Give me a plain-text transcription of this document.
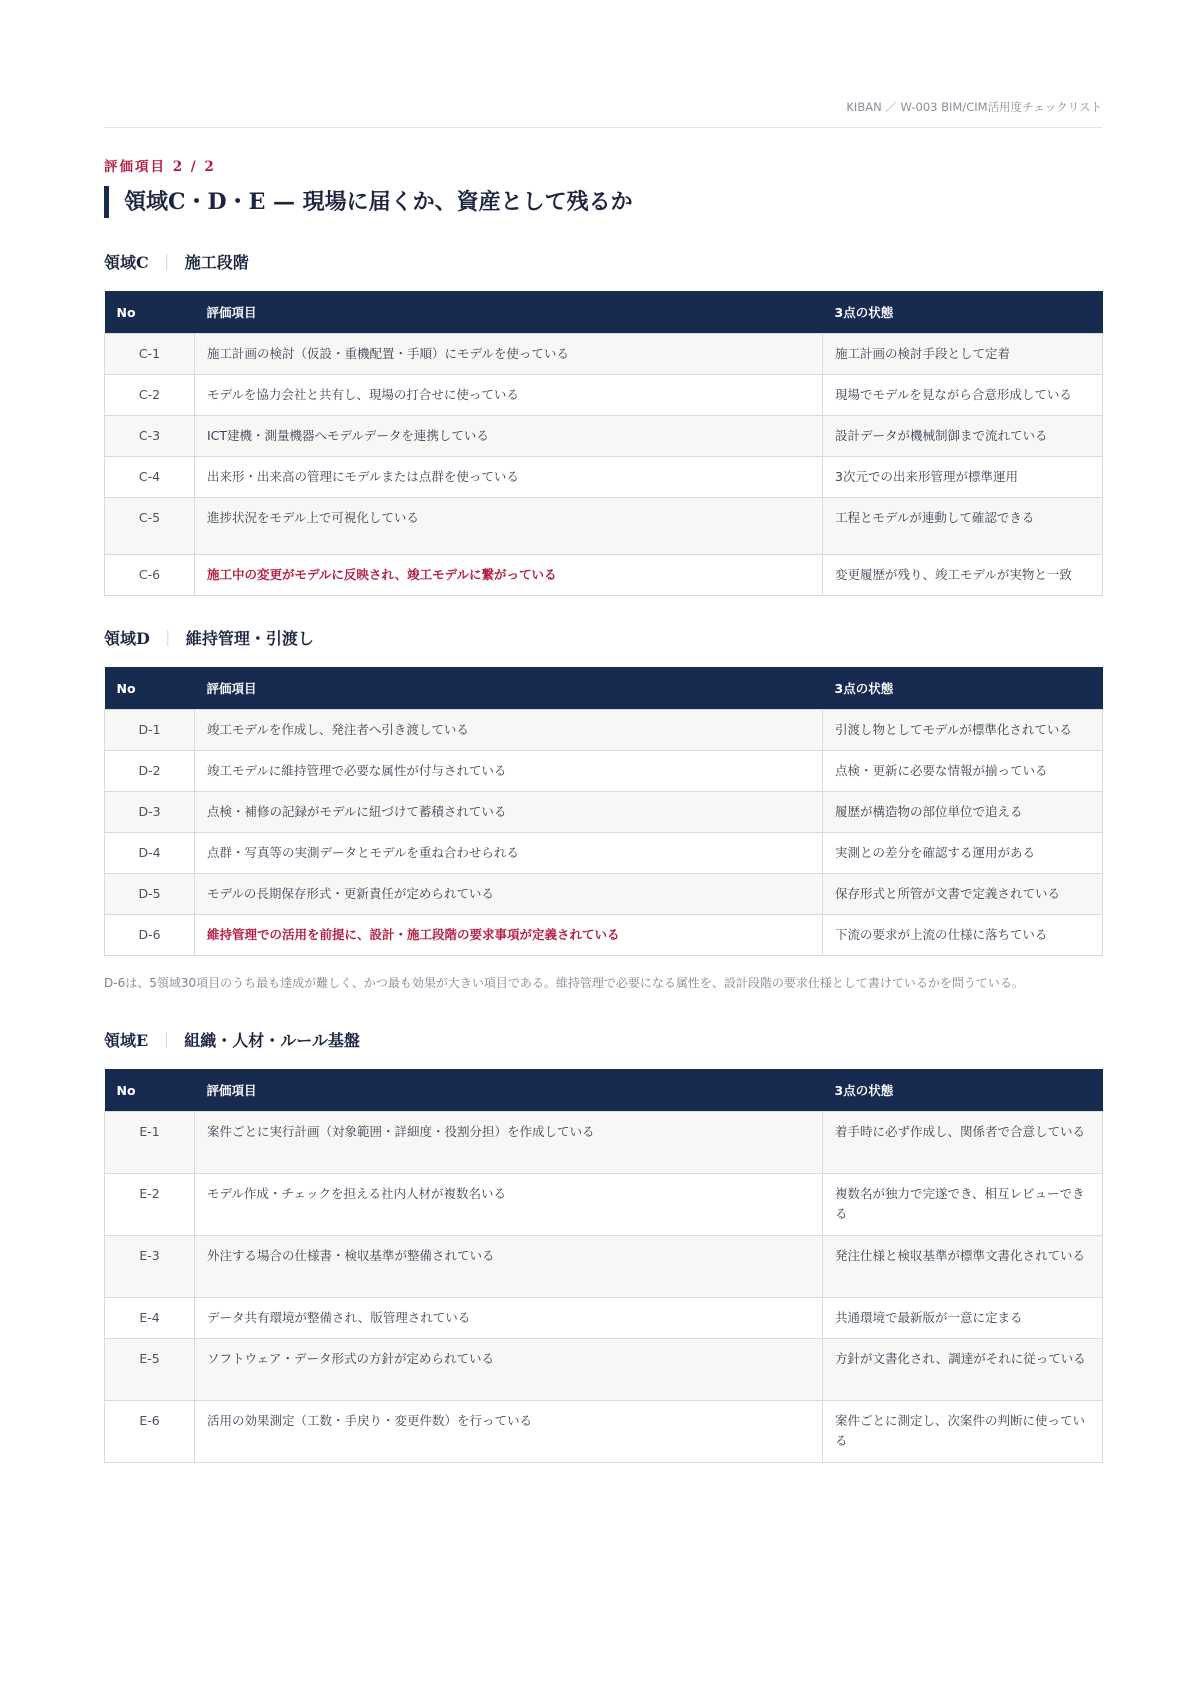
KIBAN ／ W-003 BIM/CIM活用度チェックリスト
評価項目 2 / 2
領域C・D・E — 現場に届くか、資産として残るか
領域C ｜ 施工段階
No	評価項目	3点の状態
C-1	施工計画の検討（仮設・重機配置・手順）にモデルを使っている	施工計画の検討手段として定着
C-2	モデルを協力会社と共有し、現場の打合せに使っている	現場でモデルを見ながら合意形成している
C-3	ICT建機・測量機器へモデルデータを連携している	設計データが機械制御まで流れている
C-4	出来形・出来高の管理にモデルまたは点群を使っている	3次元での出来形管理が標準運用
C-5	進捗状況をモデル上で可視化している	工程とモデルが連動して確認できる
C-6	施工中の変更がモデルに反映され、竣工モデルに繋がっている	変更履歴が残り、竣工モデルが実物と一致
領域D ｜ 維持管理・引渡し
No	評価項目	3点の状態
D-1	竣工モデルを作成し、発注者へ引き渡している	引渡し物としてモデルが標準化されている
D-2	竣工モデルに維持管理で必要な属性が付与されている	点検・更新に必要な情報が揃っている
D-3	点検・補修の記録がモデルに紐づけて蓄積されている	履歴が構造物の部位単位で追える
D-4	点群・写真等の実測データとモデルを重ね合わせられる	実測との差分を確認する運用がある
D-5	モデルの長期保存形式・更新責任が定められている	保存形式と所管が文書で定義されている
D-6	維持管理での活用を前提に、設計・施工段階の要求事項が定義されている	下流の要求が上流の仕様に落ちている
D-6は、5領域30項目のうち最も達成が難しく、かつ最も効果が大きい項目である。維持管理で必要になる属性を、設計段階の要求仕様として書けているかを問うている。
領域E ｜ 組織・人材・ルール基盤
No	評価項目	3点の状態
E-1	案件ごとに実行計画（対象範囲・詳細度・役割分担）を作成している	着手時に必ず作成し、関係者で合意している
E-2	モデル作成・チェックを担える社内人材が複数名いる	複数名が独力で完遂でき、相互レビューできる
E-3	外注する場合の仕様書・検収基準が整備されている	発注仕様と検収基準が標準文書化されている
E-4	データ共有環境が整備され、版管理されている	共通環境で最新版が一意に定まる
E-5	ソフトウェア・データ形式の方針が定められている	方針が文書化され、調達がそれに従っている
E-6	活用の効果測定（工数・手戻り・変更件数）を行っている	案件ごとに測定し、次案件の判断に使っている
